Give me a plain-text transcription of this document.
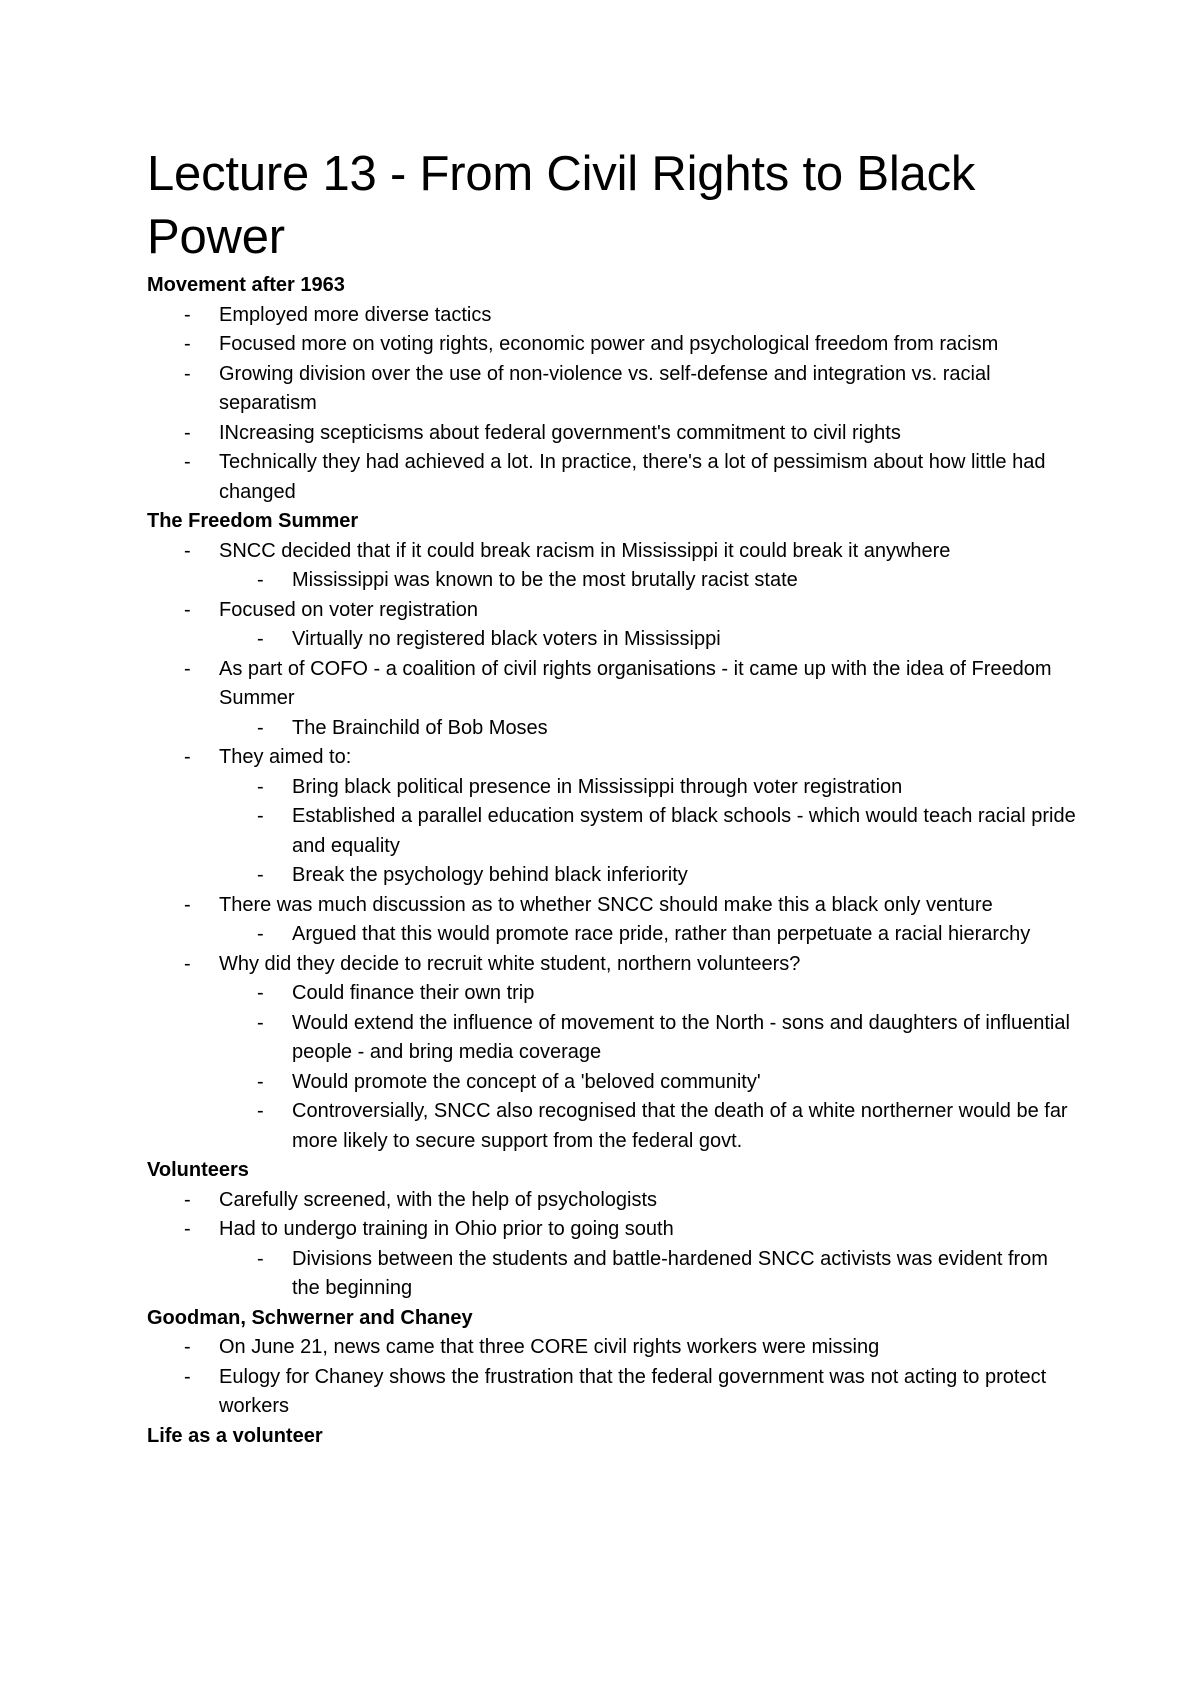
Lecture 13 - From Civil Rights to Black Power
Movement after 1963
- Employed more diverse tactics
- Focused more on voting rights, economic power and psychological freedom from racism
- Growing division over the use of non-violence vs. self-defense and integration vs. racial separatism
- INcreasing scepticisms about federal government's commitment to civil rights
- Technically they had achieved a lot. In practice, there's a lot of pessimism about how little had changed
The Freedom Summer
- SNCC decided that if it could break racism in Mississippi it could break it anywhere
- Mississippi was known to be the most brutally racist state
- Focused on voter registration
- Virtually no registered black voters in Mississippi
- As part of COFO - a coalition of civil rights organisations - it came up with the idea of Freedom Summer
- The Brainchild of Bob Moses
- They aimed to:
- Bring black political presence in Mississippi through voter registration
- Established a parallel education system of black schools - which would teach racial pride and equality
- Break the psychology behind black inferiority
- There was much discussion as to whether SNCC should make this a black only venture
- Argued that this would promote race pride, rather than perpetuate a racial hierarchy
- Why did they decide to recruit white student, northern volunteers?
- Could finance their own trip
- Would extend the influence of movement to the North - sons and daughters of influential people - and bring media coverage
- Would promote the concept of a 'beloved community'
- Controversially, SNCC also recognised that the death of a white northerner would be far more likely to secure support from the federal govt.
Volunteers
- Carefully screened, with the help of psychologists
- Had to undergo training in Ohio prior to going south
- Divisions between the students and battle-hardened SNCC activists was evident from the beginning
Goodman, Schwerner and Chaney
- On June 21, news came that three CORE civil rights workers were missing
- Eulogy for Chaney shows the frustration that the federal government was not acting to protect workers
Life as a volunteer
